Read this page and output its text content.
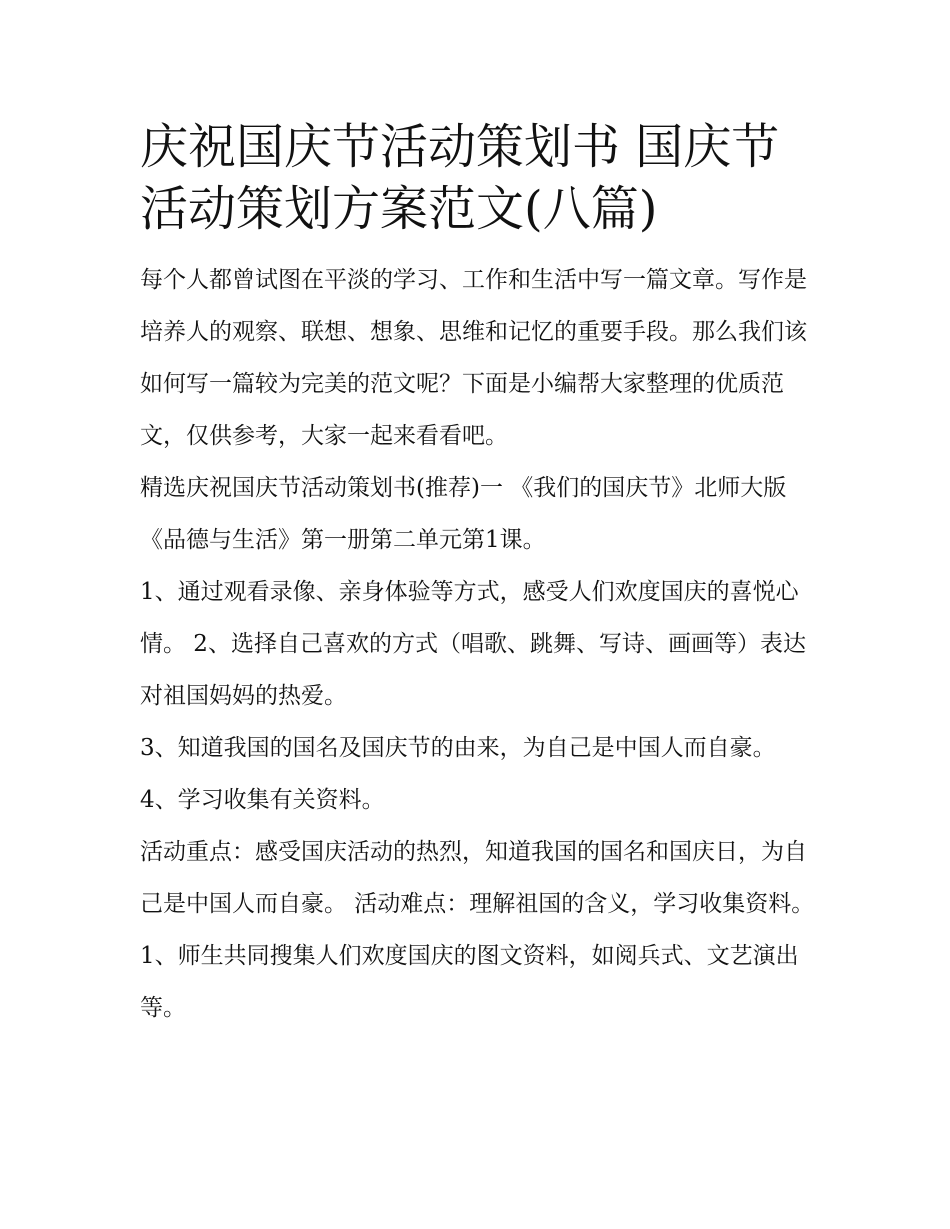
庆祝国庆节活动策划书 国庆节活动策划方案范文(八篇)

每个人都曾试图在平淡的学习、工作和生活中写一篇文章。写作是培养人的观察、联想、想象、思维和记忆的重要手段。那么我们该如何写一篇较为完美的范文呢？下面是小编帮大家整理的优质范文，仅供参考，大家一起来看看吧。

精选庆祝国庆节活动策划书(推荐)一 《我们的国庆节》北师大版《品德与生活》第一册第二单元第1课。

1、通过观看录像、亲身体验等方式，感受人们欢度国庆的喜悦心情。 2、选择自己喜欢的方式（唱歌、跳舞、写诗、画画等）表达对祖国妈妈的热爱。

3、知道我国的国名及国庆节的由来，为自己是中国人而自豪。 4、学习收集有关资料。

活动重点：感受国庆活动的热烈，知道我国的国名和国庆日，为自己是中国人而自豪。 活动难点：理解祖国的含义，学习收集资料。

1、师生共同搜集人们欢度国庆的图文资料，如阅兵式、文艺演出等。
